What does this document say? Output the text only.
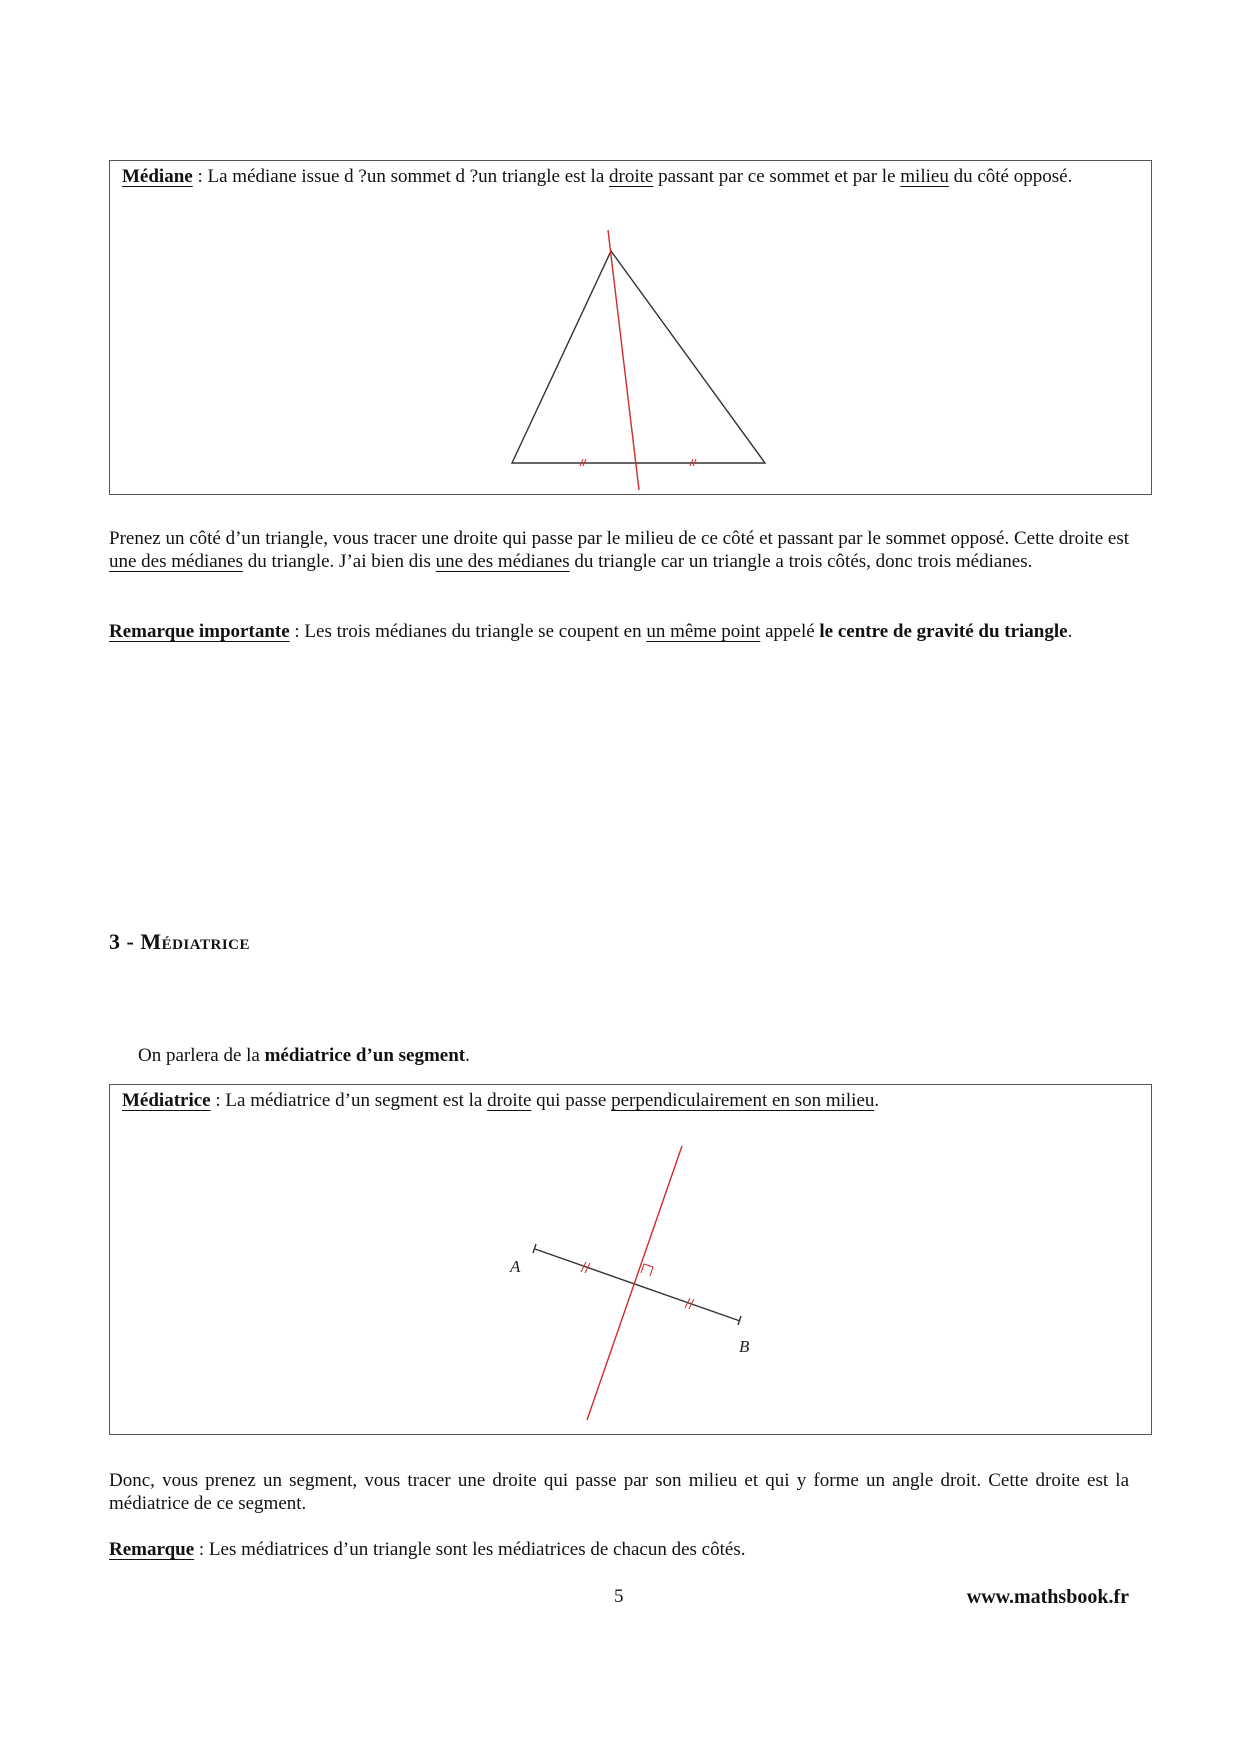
Médiane : La médiane issue d ?un sommet d ?un triangle est la droite passant par ce sommet et par le milieu du côté opposé.
Prenez un côté d’un triangle, vous tracer une droite qui passe par le milieu de ce côté et passant par le sommet opposé. Cette droite est une des médianes du triangle. J’ai bien dis une des médianes du triangle car un triangle a trois côtés, donc trois médianes.
Remarque importante : Les trois médianes du triangle se coupent en un même point appelé le centre de gravité du triangle.
3 - Médiatrice
On parlera de la médiatrice d’un segment.
Médiatrice : La médiatrice d’un segment est la droite qui passe perpendiculairement en son milieu.
A
B
Donc, vous prenez un segment, vous tracer une droite qui passe par son milieu et qui y forme un angle droit. Cette droite est la médiatrice de ce segment.
Remarque : Les médiatrices d’un triangle sont les médiatrices de chacun des côtés.
5	www.mathsbook.fr
